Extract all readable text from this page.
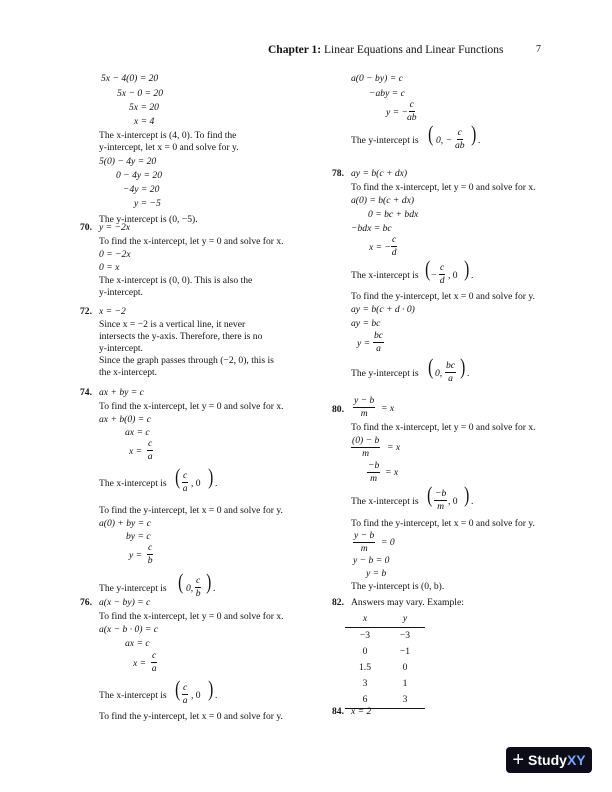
Chapter 1: Linear Equations and Linear Functions	7
5x − 4(0) = 20
5x − 0 = 20
5x = 20
x = 4
The x-intercept is (4, 0). To find the
y-intercept, let x = 0 and solve for y.
5(0) − 4y = 20
0 − 4y = 20
−4y = 20
y = −5
The y-intercept is (0, −5).
70. y = −2x
To find the x-intercept, let y = 0 and solve for x.
0 = −2x
0 = x
The x-intercept is (0, 0). This is also the
y-intercept.
72. x = −2
Since x = −2 is a vertical line, it never
intersects the y-axis. Therefore, there is no
y-intercept.
Since the graph passes through (−2, 0), this is
the x-intercept.
74. ax + by = c
To find the x-intercept, let y = 0 and solve for x.
ax + b(0) = c
ax = c
x =
c
a
The x-intercept is ( c
a , 0 ) .
To find the y-intercept, let x = 0 and solve for y.
a(0) + by = c
by = c
y =
c
b
The y-intercept is ( 0,
c
b ) .
76. a(x − by) = c
To find the x-intercept, let y = 0 and solve for x.
a(x − b · 0) = c
ax = c
x =
c
a
The x-intercept is ( c
a , 0 ) .
To find the y-intercept, let x = 0 and solve for y.
a(0 − by) = c
−aby = c
y = −
c
ab
The y-intercept is ( 0, −
c
ab ) .
78. ay = b(c + dx)
To find the x-intercept, let y = 0 and solve for x.
a(0) = b(c + dx)
0 = bc + bdx
−bdx = bc
x = −
c
d
The x-intercept is ( −
c
d , 0 ) .
To find the y-intercept, let x = 0 and solve for y.
ay = b(c + d · 0)
ay = bc
y =
bc
a
The y-intercept is ( 0,
bc
a ) .
80.
y − b
m = x
To find the x-intercept, let y = 0 and solve for x.
(0) − b
m = x
−b
m = x
The x-intercept is ( −b
m , 0 ) .
To find the y-intercept, let x = 0 and solve for y.
y − b
m = 0
y − b = 0
y = b
The y-intercept is (0, b).
82. Answers may vary. Example:
x	y
−3	−3
0	−1
1.5	0
3	1
6	3
84. x = 2
+ Study XY
